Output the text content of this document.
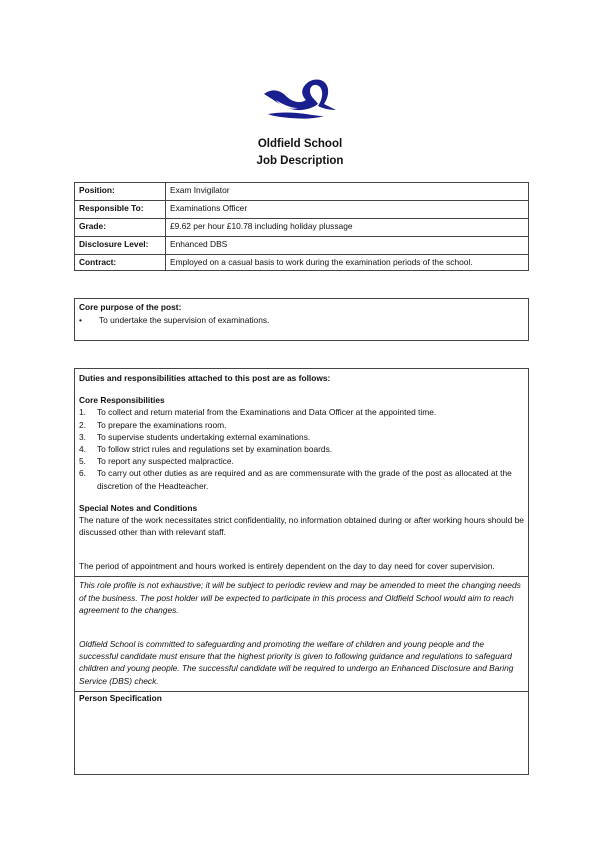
Oldfield School
Job Description
Position:	Exam Invigilator
Responsible To:	Examinations Officer
Grade:	£9.62 per hour £10.78 including holiday plussage
Disclosure Level:	Enhanced DBS
Contract:	Employed on a casual basis to work during the examination periods of the school.
Core purpose of the post:
•	To undertake the supervision of examinations.
Duties and responsibilities attached to this post are as follows:
Core Responsibilities
1.	To collect and return material from the Examinations and Data Officer at the appointed time.
2.	To prepare the examinations room.
3.	To supervise students undertaking external examinations.
4.	To follow strict rules and regulations set by examination boards.
5.	To report any suspected malpractice.
6.	To carry out other duties as are required and as are commensurate with the grade of the post as allocated at the discretion of the Headteacher.
Special Notes and Conditions
The nature of the work necessitates strict confidentiality, no information obtained during or after working hours should be discussed other than with relevant staff.
The period of appointment and hours worked is entirely dependent on the day to day need for cover supervision.
This role profile is not exhaustive; it will be subject to periodic review and may be amended to meet the changing needs of the business. The post holder will be expected to participate in this process and Oldfield School would aim to reach agreement to the changes.
Oldfield School is committed to safeguarding and promoting the welfare of children and young people and the successful candidate must ensure that the highest priority is given to following guidance and regulations to safeguard children and young people. The successful candidate will be required to undergo an Enhanced Disclosure and Baring Service (DBS) check.
Person Specification
